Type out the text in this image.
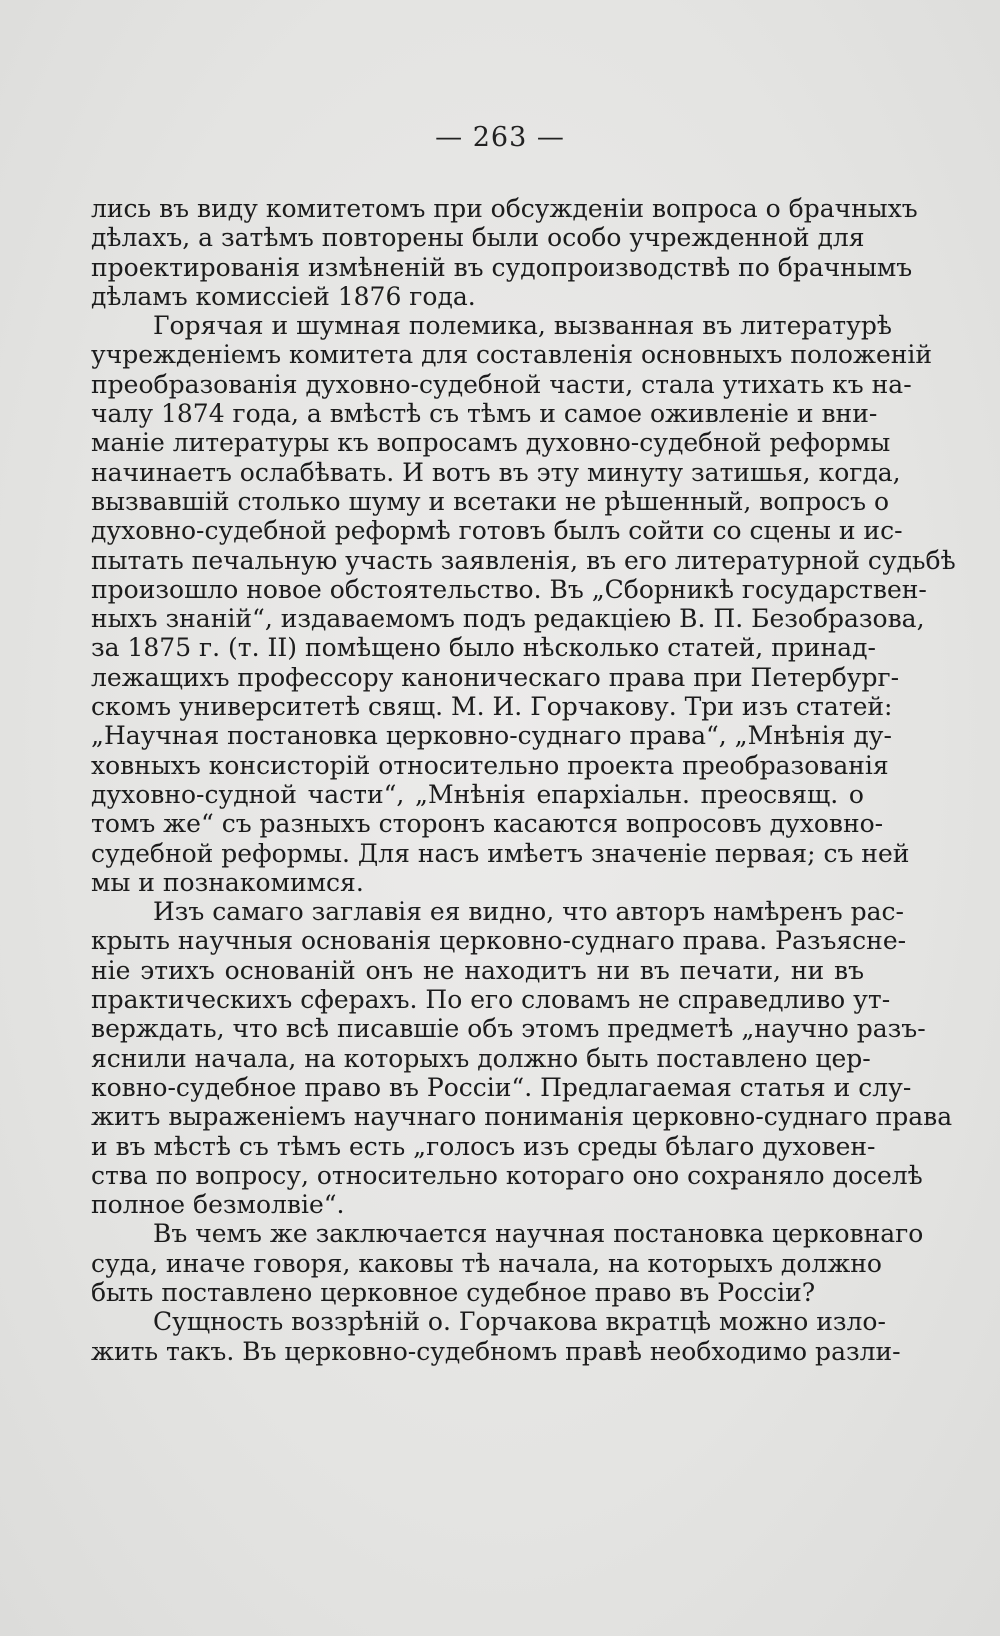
— 263 —
лись въ виду комитетомъ при обсужденіи вопроса о брачныхъ
дѣлахъ, а затѣмъ повторены были особо учрежденной для
проектированія измѣненій въ судопроизводствѣ по брачнымъ
дѣламъ комиссіей 1876 года.
Горячая и шумная полемика, вызванная въ литературѣ
учрежденіемъ комитета для составленія основныхъ положеній
преобразованія духовно-судебной части, стала утихать къ на-
чалу 1874 года, а вмѣстѣ съ тѣмъ и самое оживленіе и вни-
маніе литературы къ вопросамъ духовно-судебной реформы
начинаетъ ослабѣвать. И вотъ въ эту минуту затишья, когда,
вызвавшій столько шуму и всетаки не рѣшенный, вопросъ о
духовно-судебной реформѣ готовъ былъ сойти со сцены и ис-
пытать печальную участь заявленія, въ его литературной судьбѣ
произошло новое обстоятельство. Въ „Сборникѣ государствен-
ныхъ знаній“, издаваемомъ подъ редакціею В. П. Безобразова,
за 1875 г. (т. II) помѣщено было нѣсколько статей, принад-
лежащихъ профессору каноническаго права при Петербург-
скомъ университетѣ свящ. М. И. Горчакову. Три изъ статей:
„Научная постановка церковно-суднаго права“, „Мнѣнія ду-
ховныхъ консисторій относительно проекта преобразованія
духовно-судной части“, „Мнѣнія епархіальн. преосвящ. о
томъ же“ съ разныхъ сторонъ касаются вопросовъ духовно-
судебной реформы. Для насъ имѣетъ значеніе первая; съ ней
мы и познакомимся.
Изъ самаго заглавія ея видно, что авторъ намѣренъ рас-
крыть научныя основанія церковно-суднаго права. Разъясне-
ніе этихъ основаній онъ не находитъ ни въ печати, ни въ
практическихъ сферахъ. По его словамъ не справедливо ут-
верждать, что всѣ писавшіе объ этомъ предметѣ „научно разъ-
яснили начала, на которыхъ должно быть поставлено цер-
ковно-судебное право въ Россіи“. Предлагаемая статья и слу-
житъ выраженіемъ научнаго пониманія церковно-суднаго права
и въ мѣстѣ съ тѣмъ есть „голосъ изъ среды бѣлаго духовен-
ства по вопросу, относительно котораго оно сохраняло доселѣ
полное безмолвіе“.
Въ чемъ же заключается научная постановка церковнаго
суда, иначе говоря, каковы тѣ начала, на которыхъ должно
быть поставлено церковное судебное право въ Россіи?
Сущность воззрѣній о. Горчакова вкратцѣ можно изло-
жить такъ. Въ церковно-судебномъ правѣ необходимо разли-
